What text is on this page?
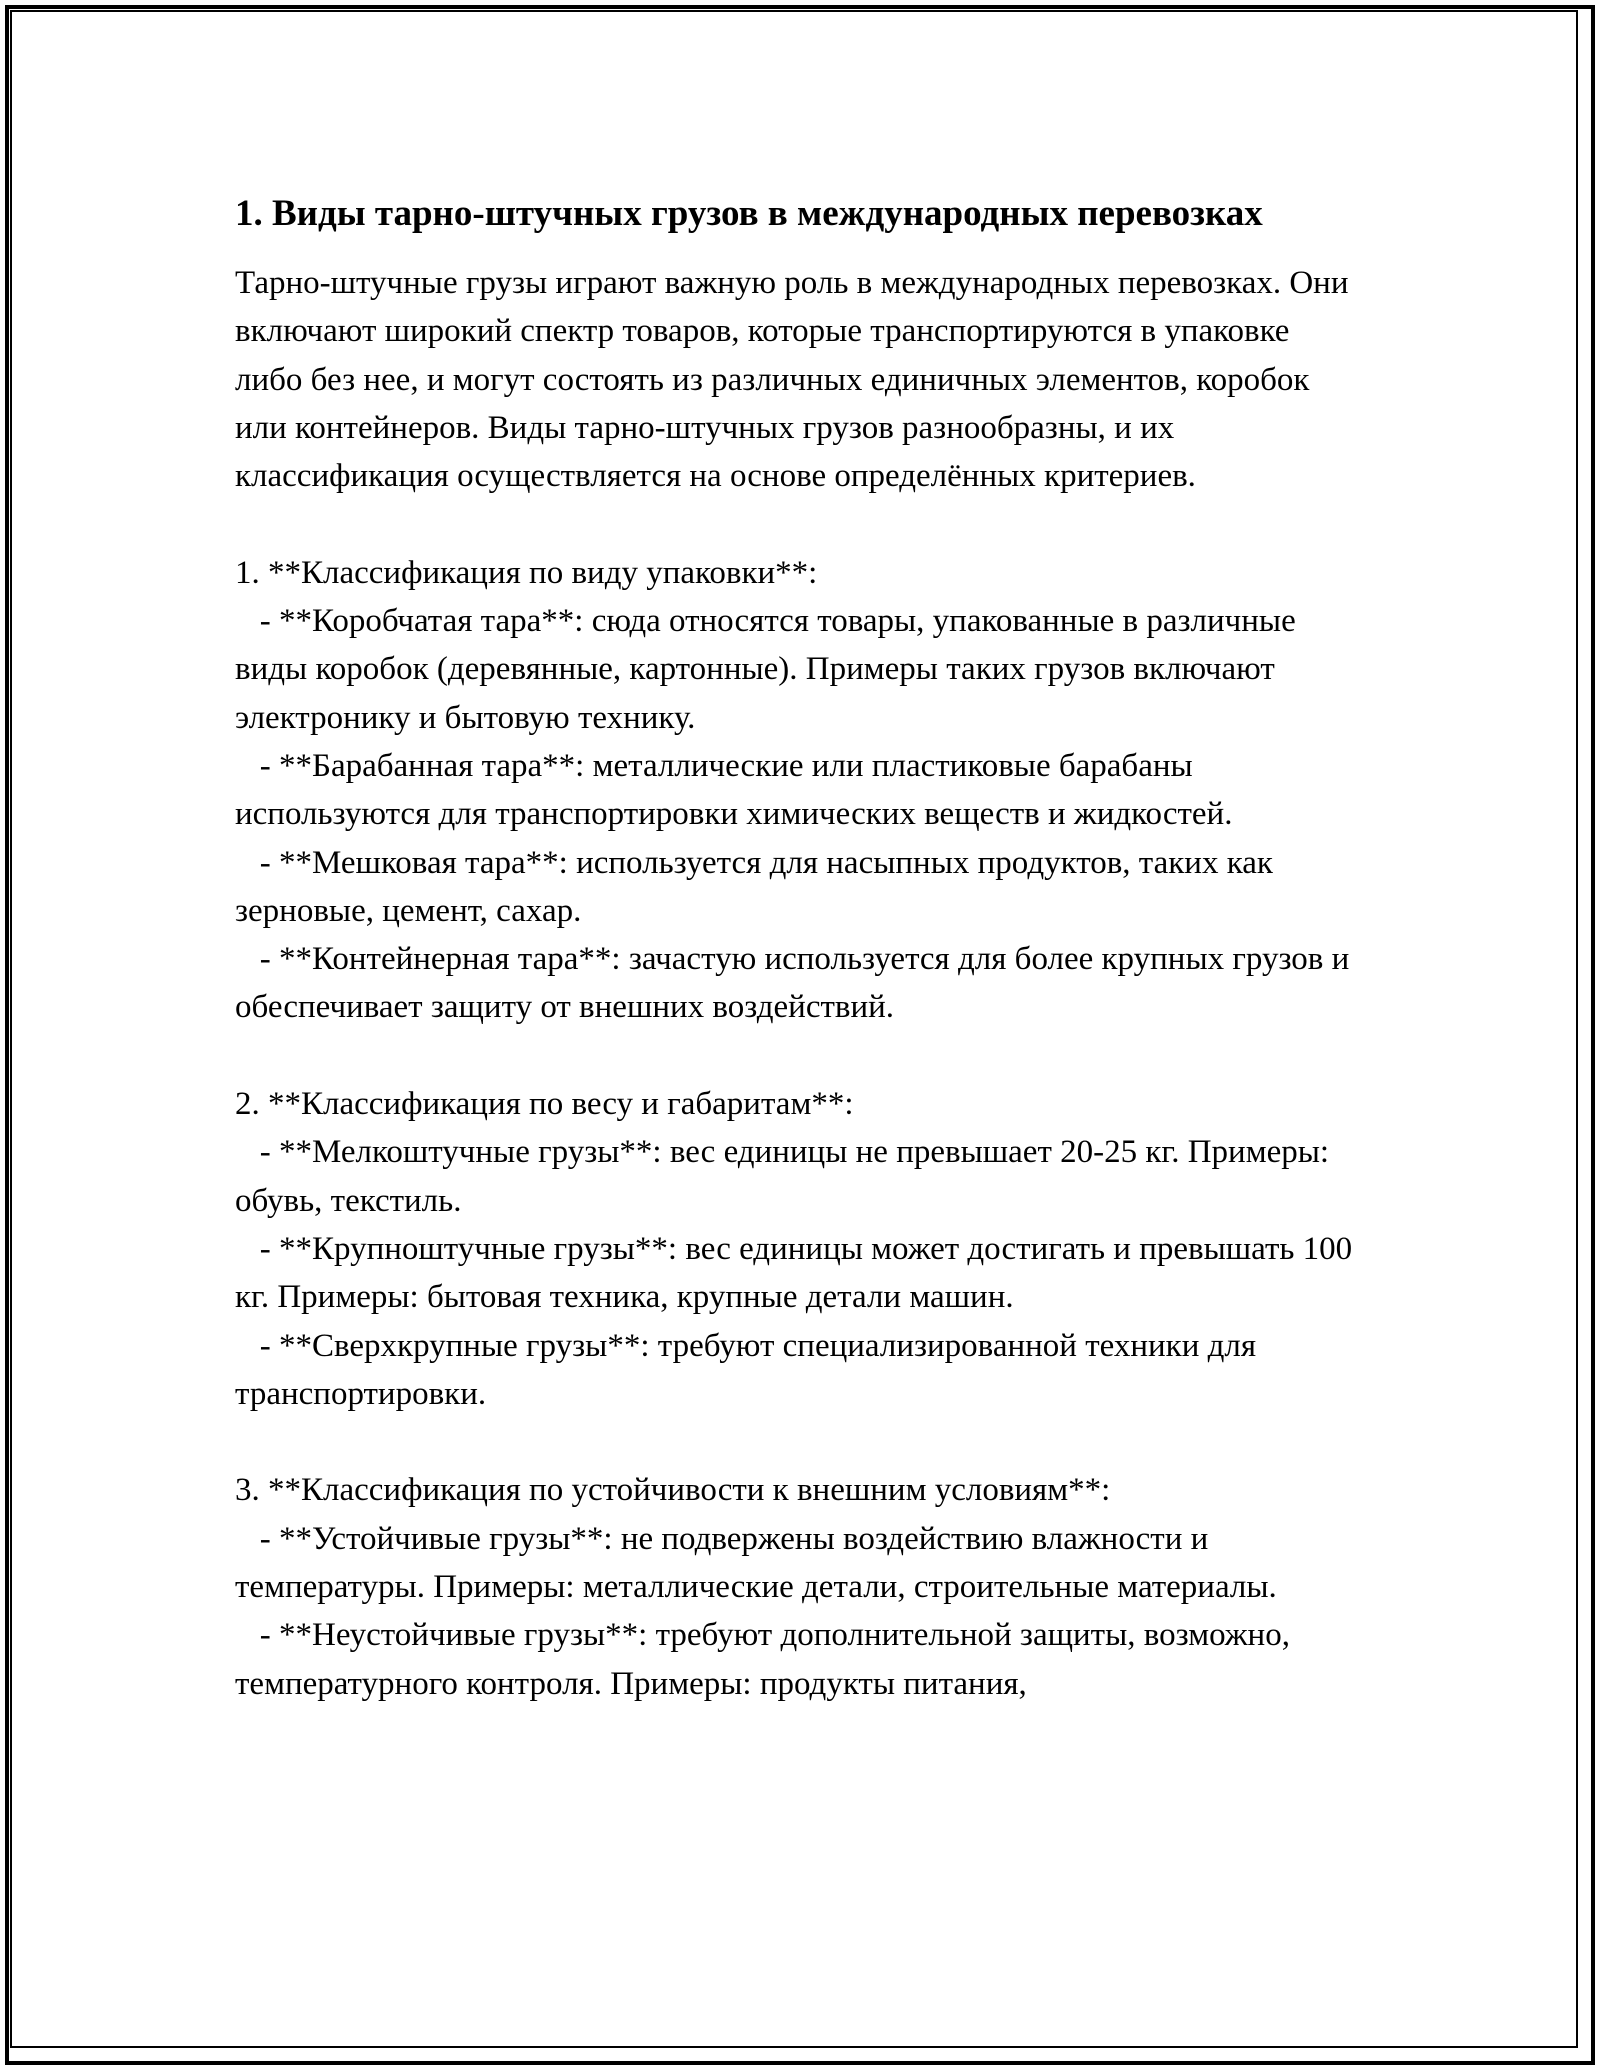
1. Виды тарно-штучных грузов в международных перевозках

Тарно-штучные грузы играют важную роль в международных перевозках. Они включают широкий спектр товаров, которые транспортируются в упаковке либо без нее, и могут состоять из различных единичных элементов, коробок или контейнеров. Виды тарно-штучных грузов разнообразны, и их классификация осуществляется на основе определённых критериев.

1. **Классификация по виду упаковки**:
- **Коробчатая тара**: сюда относятся товары, упакованные в различные виды коробок (деревянные, картонные). Примеры таких грузов включают электронику и бытовую технику.
- **Барабанная тара**: металлические или пластиковые барабаны используются для транспортировки химических веществ и жидкостей.
- **Мешковая тара**: используется для насыпных продуктов, таких как зерновые, цемент, сахар.
- **Контейнерная тара**: зачастую используется для более крупных грузов и обеспечивает защиту от внешних воздействий.
2. **Классификация по весу и габаритам**:
- **Мелкоштучные грузы**: вес единицы не превышает 20-25 кг. Примеры: обувь, текстиль.
- **Крупноштучные грузы**: вес единицы может достигать и превышать 100 кг. Примеры: бытовая техника, крупные детали машин.
- **Сверхкрупные грузы**: требуют специализированной техники для транспортировки.
3. **Классификация по устойчивости к внешним условиям**:
- **Устойчивые грузы**: не подвержены воздействию влажности и температуры. Примеры: металлические детали, строительные материалы.
- **Неустойчивые грузы**: требуют дополнительной защиты, возможно, температурного контроля. Примеры: продукты питания,
